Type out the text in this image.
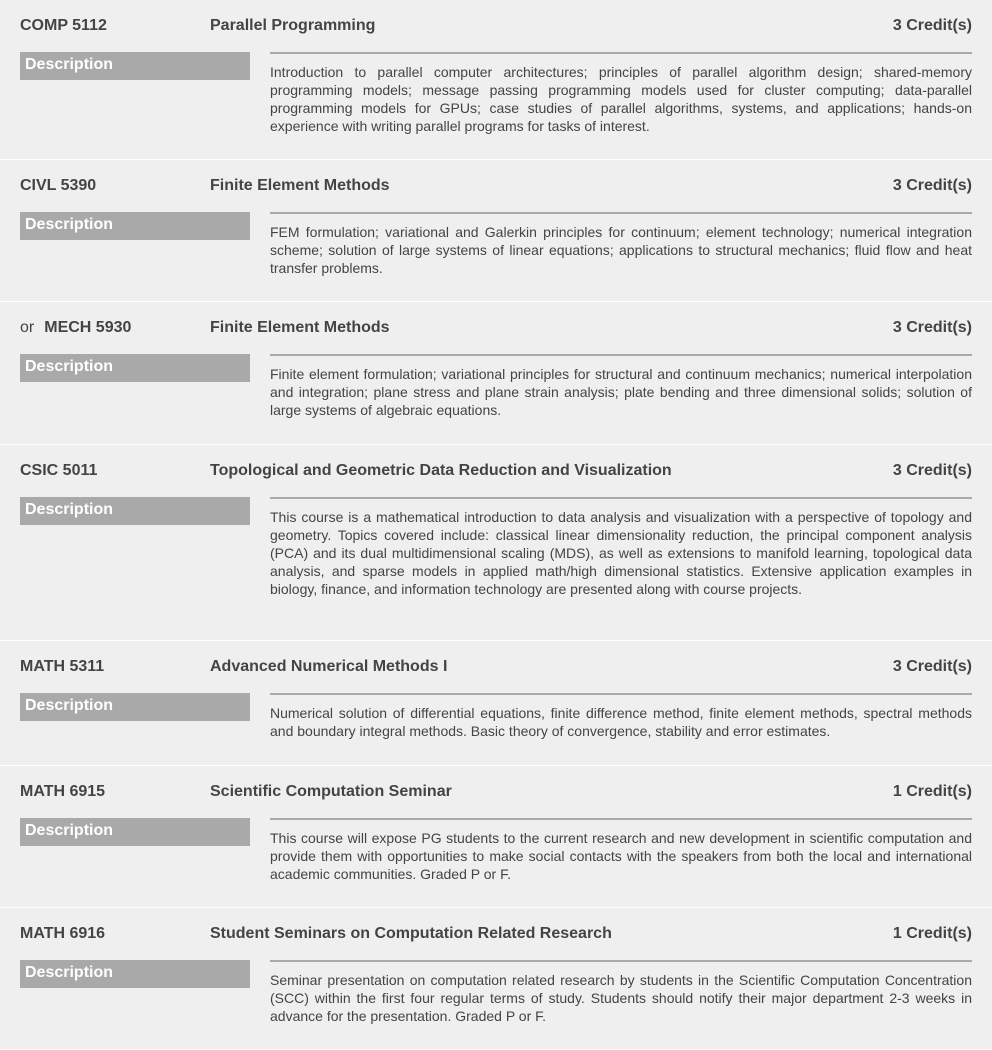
COMP 5112	Parallel Programming	3 Credit(s)
Description	Introduction to parallel computer architectures; principles of parallel algorithm design; shared-memory programming models; message passing programming models used for cluster computing; data-parallel programming models for GPUs; case studies of parallel algorithms, systems, and applications; hands-on experience with writing parallel programs for tasks of interest.
CIVL 5390	Finite Element Methods	3 Credit(s)
Description	FEM formulation; variational and Galerkin principles for continuum; element technology; numerical integration scheme; solution of large systems of linear equations; applications to structural mechanics; fluid flow and heat transfer problems.
or MECH 5930	Finite Element Methods	3 Credit(s)
Description	Finite element formulation; variational principles for structural and continuum mechanics; numerical interpolation and integration; plane stress and plane strain analysis; plate bending and three dimensional solids; solution of large systems of algebraic equations.
CSIC 5011	Topological and Geometric Data Reduction and Visualization	3 Credit(s)
Description	This course is a mathematical introduction to data analysis and visualization with a perspective of topology and geometry. Topics covered include: classical linear dimensionality reduction, the principal component analysis (PCA) and its dual multidimensional scaling (MDS), as well as extensions to manifold learning, topological data analysis, and sparse models in applied math/high dimensional statistics. Extensive application examples in biology, finance, and information technology are presented along with course projects.
MATH 5311	Advanced Numerical Methods I	3 Credit(s)
Description	Numerical solution of differential equations, finite difference method, finite element methods, spectral methods and boundary integral methods. Basic theory of convergence, stability and error estimates.
MATH 6915	Scientific Computation Seminar	1 Credit(s)
Description	This course will expose PG students to the current research and new development in scientific computation and provide them with opportunities to make social contacts with the speakers from both the local and international academic communities. Graded P or F.
MATH 6916	Student Seminars on Computation Related Research	1 Credit(s)
Description	Seminar presentation on computation related research by students in the Scientific Computation Concentration (SCC) within the first four regular terms of study. Students should notify their major department 2-3 weeks in advance for the presentation. Graded P or F.
